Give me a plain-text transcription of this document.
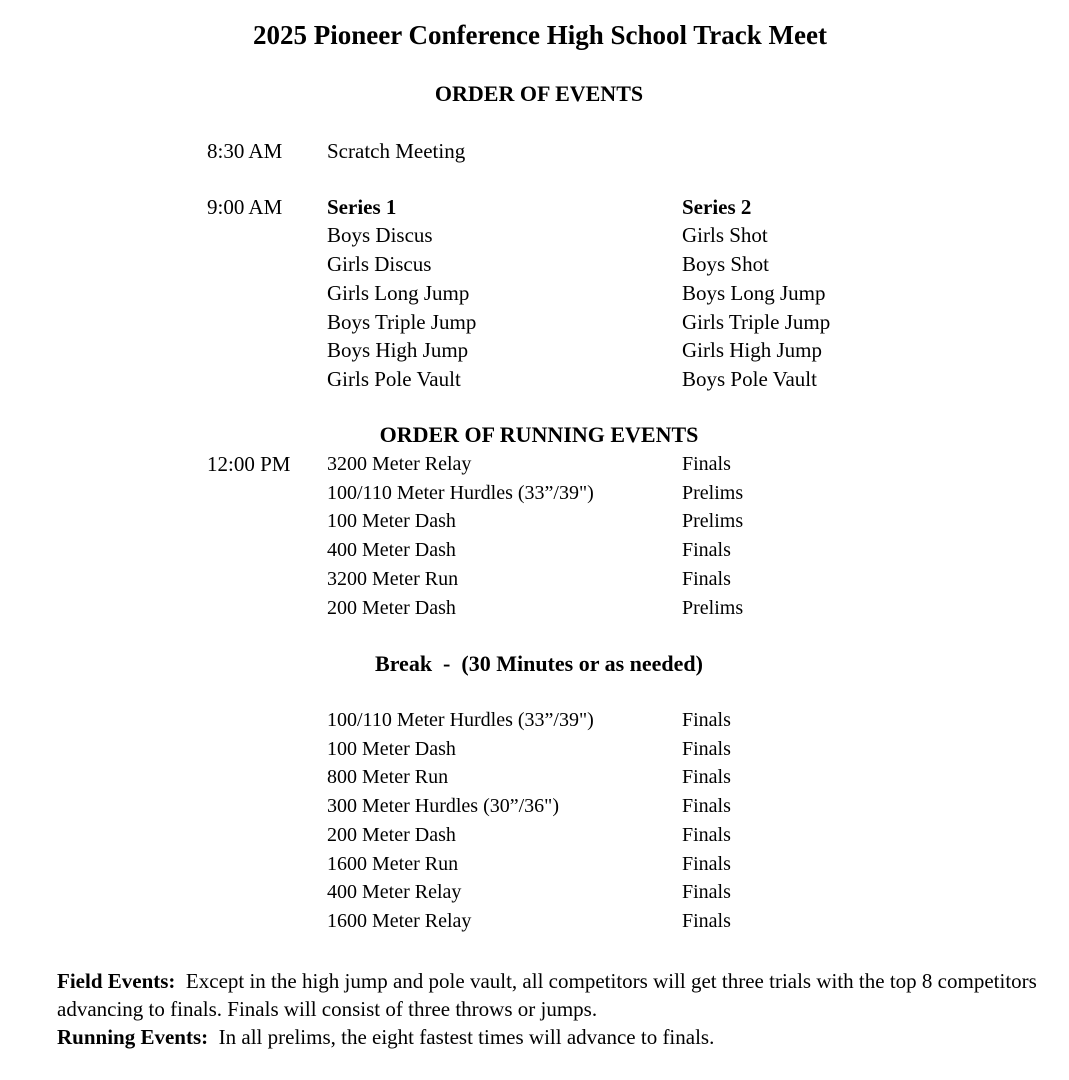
2025 Pioneer Conference High School Track Meet
ORDER OF EVENTS
8:30 AM Scratch Meeting
9:00 AM Series 1	Series 2
Boys Discus	Girls Shot
Girls Discus	Boys Shot
Girls Long Jump	Boys Long Jump
Boys Triple Jump	Girls Triple Jump
Boys High Jump	Girls High Jump
Girls Pole Vault	Boys Pole Vault
ORDER OF RUNNING EVENTS
12:00 PM 3200 Meter Relay	Finals
100/110 Meter Hurdles (33”/39")	Prelims
100 Meter Dash	Prelims
400 Meter Dash	Finals
3200 Meter Run	Finals
200 Meter Dash	Prelims
Break  -  (30 Minutes or as needed)
100/110 Meter Hurdles (33”/39")	Finals
100 Meter Dash	Finals
800 Meter Run	Finals
300 Meter Hurdles (30”/36")	Finals
200 Meter Dash	Finals
1600 Meter Run	Finals
400 Meter Relay	Finals
1600 Meter Relay	Finals

Field Events: Except in the high jump and pole vault, all competitors will get three trials with the top 8 competitors advancing to finals. Finals will consist of three throws or jumps.

Running Events: In all prelims, the eight fastest times will advance to finals.
